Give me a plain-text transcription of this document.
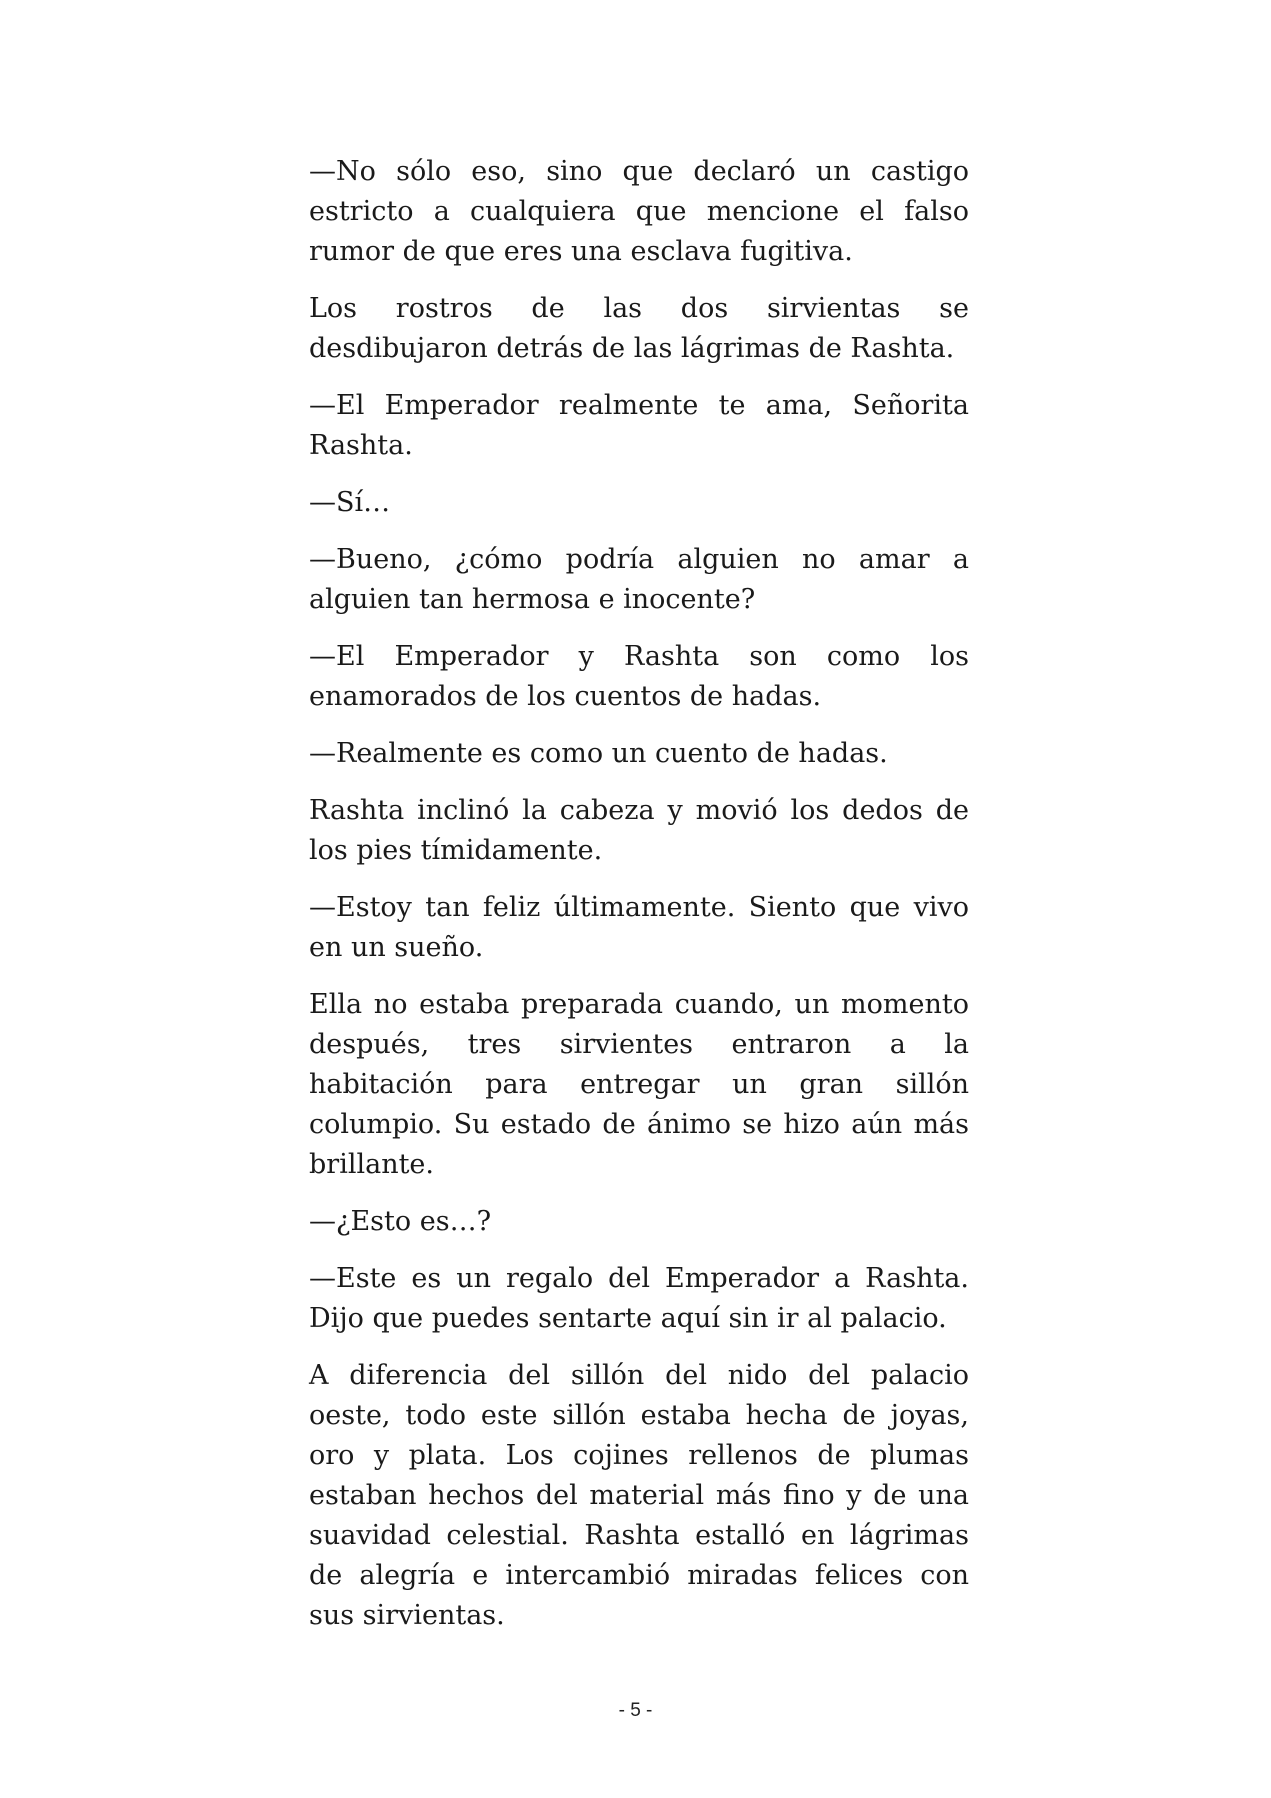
—No sólo eso, sino que declaró un castigo estricto a cualquiera que mencione el falso rumor de que eres una esclava fugitiva.

Los rostros de las dos sirvientas se desdibujaron detrás de las lágrimas de Rashta.

—El Emperador realmente te ama, Señorita Rashta.

—Sí…

—Bueno, ¿cómo podría alguien no amar a alguien tan hermosa e inocente?

—El Emperador y Rashta son como los enamorados de los cuentos de hadas.

—Realmente es como un cuento de hadas.

Rashta inclinó la cabeza y movió los dedos de los pies tímidamente.

—Estoy tan feliz últimamente. Siento que vivo en un sueño.

Ella no estaba preparada cuando, un momento después, tres sirvientes entraron a la habitación para entregar un gran sillón columpio. Su estado de ánimo se hizo aún más brillante.

—¿Esto es…?

—Este es un regalo del Emperador a Rashta. Dijo que puedes sentarte aquí sin ir al palacio.

A diferencia del sillón del nido del palacio oeste, todo este sillón estaba hecha de joyas, oro y plata. Los cojines rellenos de plumas estaban hechos del material más fino y de una suavidad celestial. Rashta estalló en lágrimas de alegría e intercambió miradas felices con sus sirvientas.

- 5 -
